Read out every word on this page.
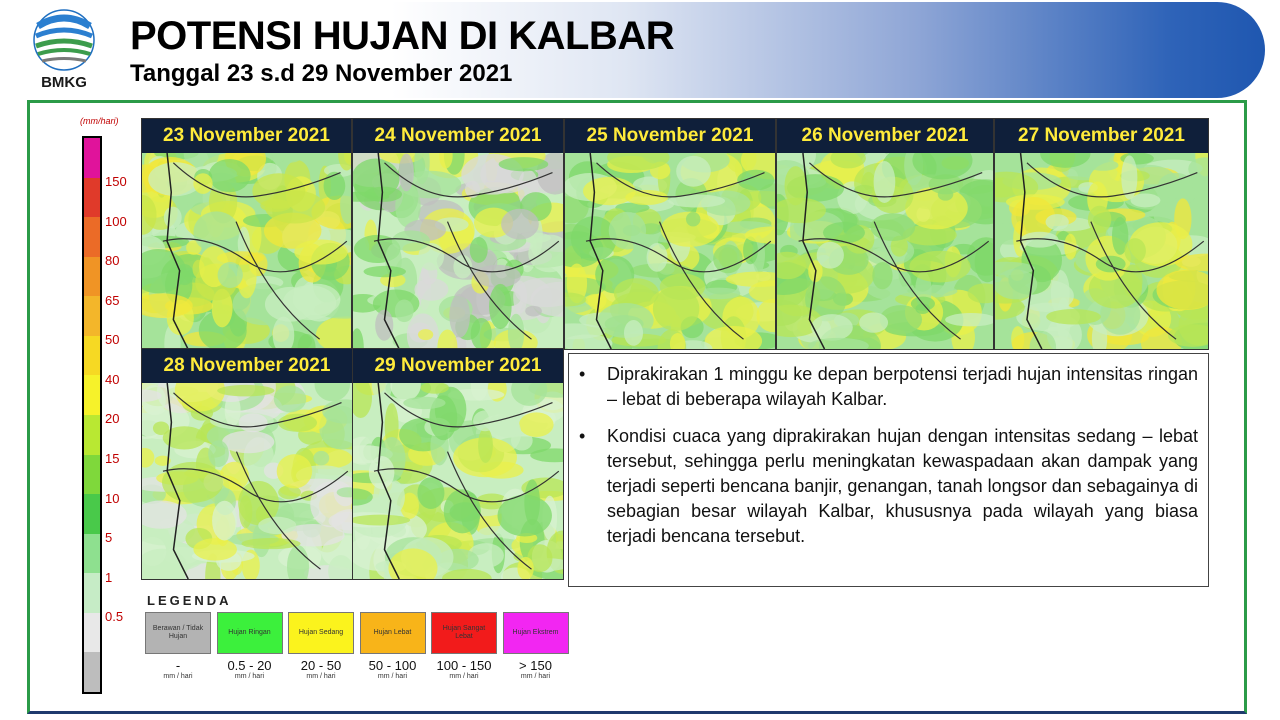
BMKG
POTENSI HUJAN DI KALBAR
Tanggal 23 s.d 29 November 2021
(mm/hari)
150
100
80
65
50
40
20
15
10
5
1
0.5
23 November 2021	24 November 2021	25 November 2021	26 November 2021	27 November 2021
28 November 2021	29 November 2021	• Diprakirakan 1 minggu ke depan berpotensi terjadi hujan intensitas ringan – lebat di beberapa wilayah Kalbar.
• Kondisi cuaca yang diprakirakan hujan dengan intensitas sedang – lebat tersebut, sehingga perlu meningkatan kewaspadaan akan dampak yang terjadi seperti bencana banjir, genangan, tanah longsor dan sebagainya di sebagian besar wilayah Kalbar, khususnya pada wilayah yang biasa terjadi bencana tersebut.
LEGENDA
Berawan / Tidak Hujan
-
mm / hari
Hujan Ringan
0.5 - 20
mm / hari
Hujan Sedang
20 - 50
mm / hari
Hujan Lebat
50 - 100
mm / hari
Hujan Sangat Lebat
100 - 150
mm / hari
Hujan Ekstrem
> 150
mm / hari
